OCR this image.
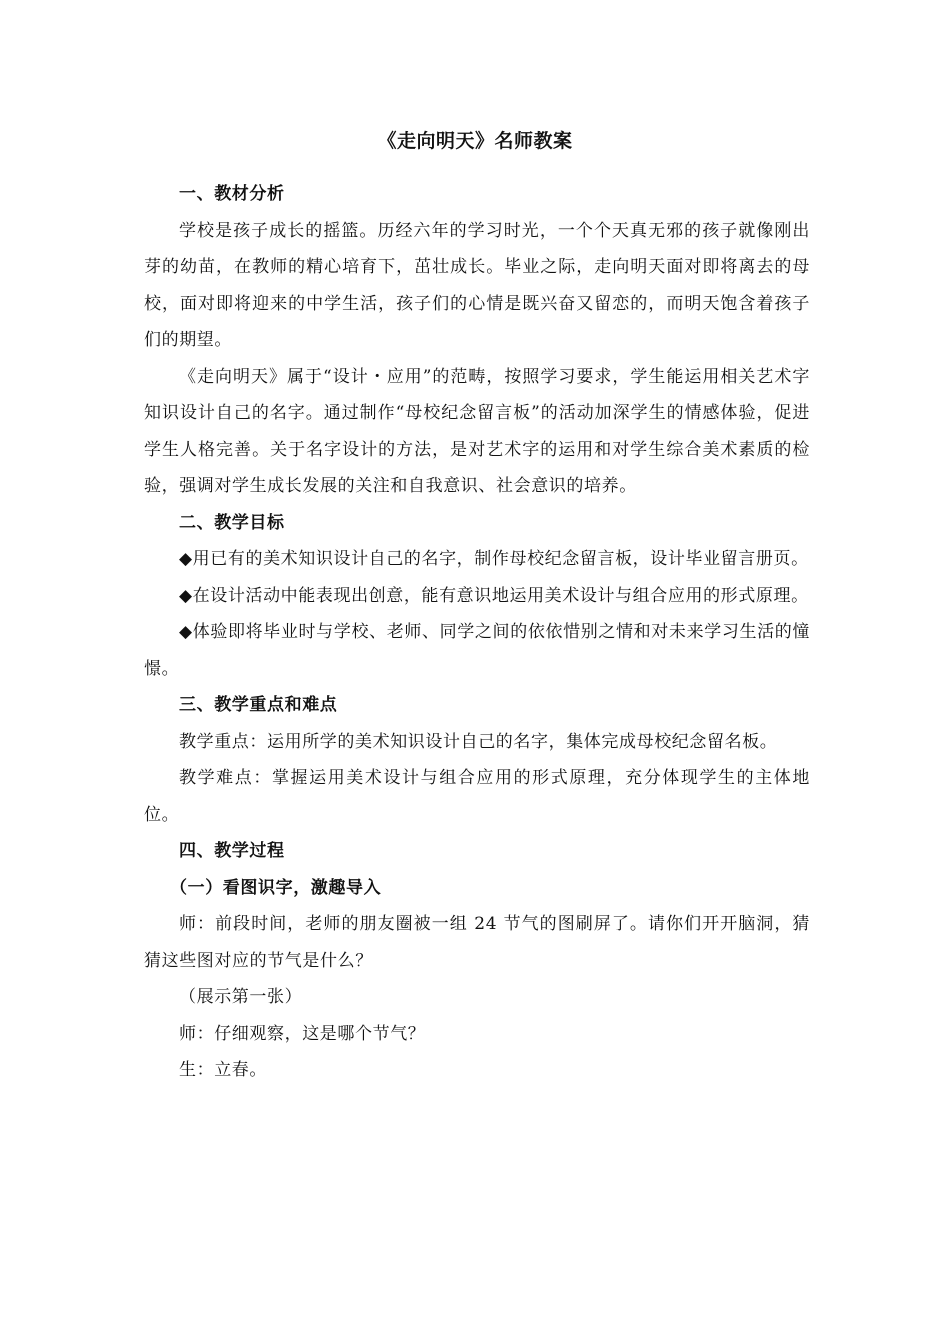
《走向明天》名师教案

一、教材分析

学校是孩子成长的摇篮。历经六年的学习时光，一个个天真无邪的孩子就像刚出芽的幼苗，在教师的精心培育下，茁壮成长。毕业之际，走向明天面对即将离去的母校，面对即将迎来的中学生活，孩子们的心情是既兴奋又留恋的，而明天饱含着孩子们的期望。

《走向明天》属于“设计・应用”的范畴，按照学习要求，学生能运用相关艺术字知识设计自己的名字。通过制作“母校纪念留言板”的活动加深学生的情感体验，促进学生人格完善。关于名字设计的方法，是对艺术字的运用和对学生综合美术素质的检验，强调对学生成长发展的关注和自我意识、社会意识的培养。

二、教学目标

◆用已有的美术知识设计自己的名字，制作母校纪念留言板，设计毕业留言册页。

◆在设计活动中能表现出创意，能有意识地运用美术设计与组合应用的形式原理。

◆体验即将毕业时与学校、老师、同学之间的依依惜别之情和对未来学习生活的憧憬。

三、教学重点和难点

教学重点：运用所学的美术知识设计自己的名字，集体完成母校纪念留名板。

教学难点：掌握运用美术设计与组合应用的形式原理，充分体现学生的主体地位。

四、教学过程

（一）看图识字，激趣导入

师：前段时间，老师的朋友圈被一组 24 节气的图刷屏了。请你们开开脑洞，猜猜这些图对应的节气是什么？

（展示第一张）

师：仔细观察，这是哪个节气？

生：立春。
